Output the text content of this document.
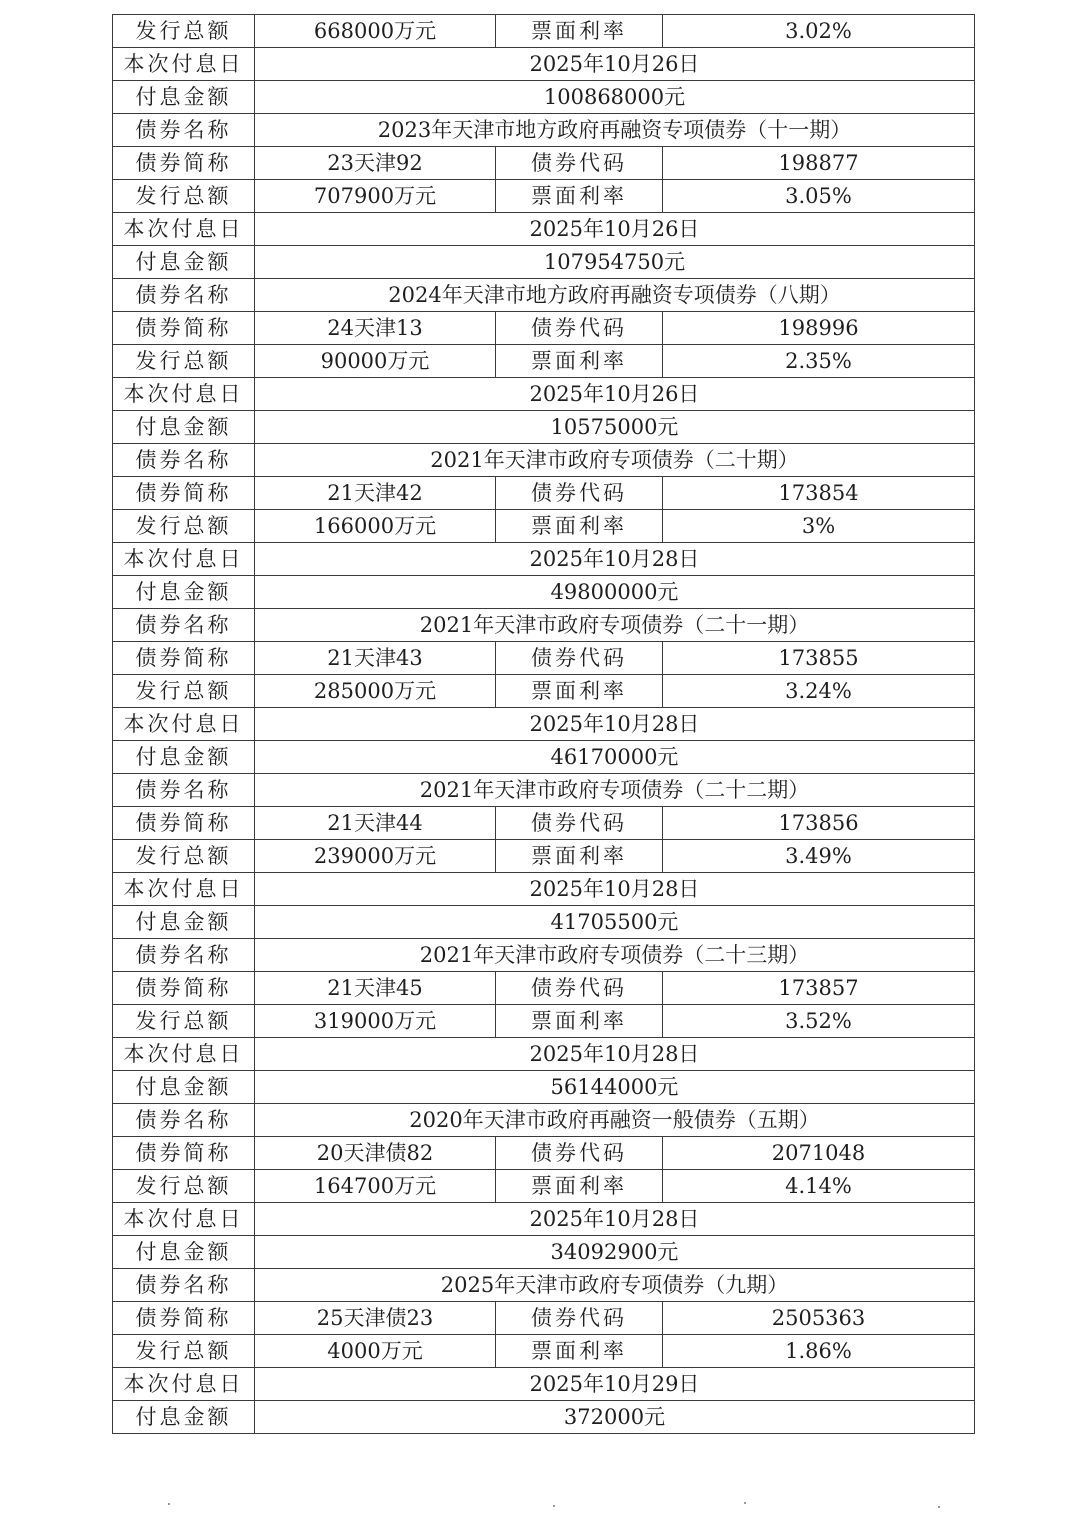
发行总额	668000万元	票面利率	3.02%
本次付息日	2025年10月26日		
付息金额	100868000元		
债券名称	2023年天津市地方政府再融资专项债券（十一期）		
债券简称	23天津92	债券代码	198877
发行总额	707900万元	票面利率	3.05%
本次付息日	2025年10月26日		
付息金额	107954750元		
债券名称	2024年天津市地方政府再融资专项债券（八期）		
债券简称	24天津13	债券代码	198996
发行总额	90000万元	票面利率	2.35%
本次付息日	2025年10月26日		
付息金额	10575000元		
债券名称	2021年天津市政府专项债券（二十期）		
债券简称	21天津42	债券代码	173854
发行总额	166000万元	票面利率	3%
本次付息日	2025年10月28日		
付息金额	49800000元		
债券名称	2021年天津市政府专项债券（二十一期）		
债券简称	21天津43	债券代码	173855
发行总额	285000万元	票面利率	3.24%
本次付息日	2025年10月28日		
付息金额	46170000元		
债券名称	2021年天津市政府专项债券（二十二期）		
债券简称	21天津44	债券代码	173856
发行总额	239000万元	票面利率	3.49%
本次付息日	2025年10月28日		
付息金额	41705500元		
债券名称	2021年天津市政府专项债券（二十三期）		
债券简称	21天津45	债券代码	173857
发行总额	319000万元	票面利率	3.52%
本次付息日	2025年10月28日		
付息金额	56144000元		
债券名称	2020年天津市政府再融资一般债券（五期）		
债券简称	20天津债82	债券代码	2071048
发行总额	164700万元	票面利率	4.14%
本次付息日	2025年10月28日		
付息金额	34092900元		
债券名称	2025年天津市政府专项债券（九期）		
债券简称	25天津债23	债券代码	2505363
发行总额	4000万元	票面利率	1.86%
本次付息日	2025年10月29日		
付息金额	372000元		
